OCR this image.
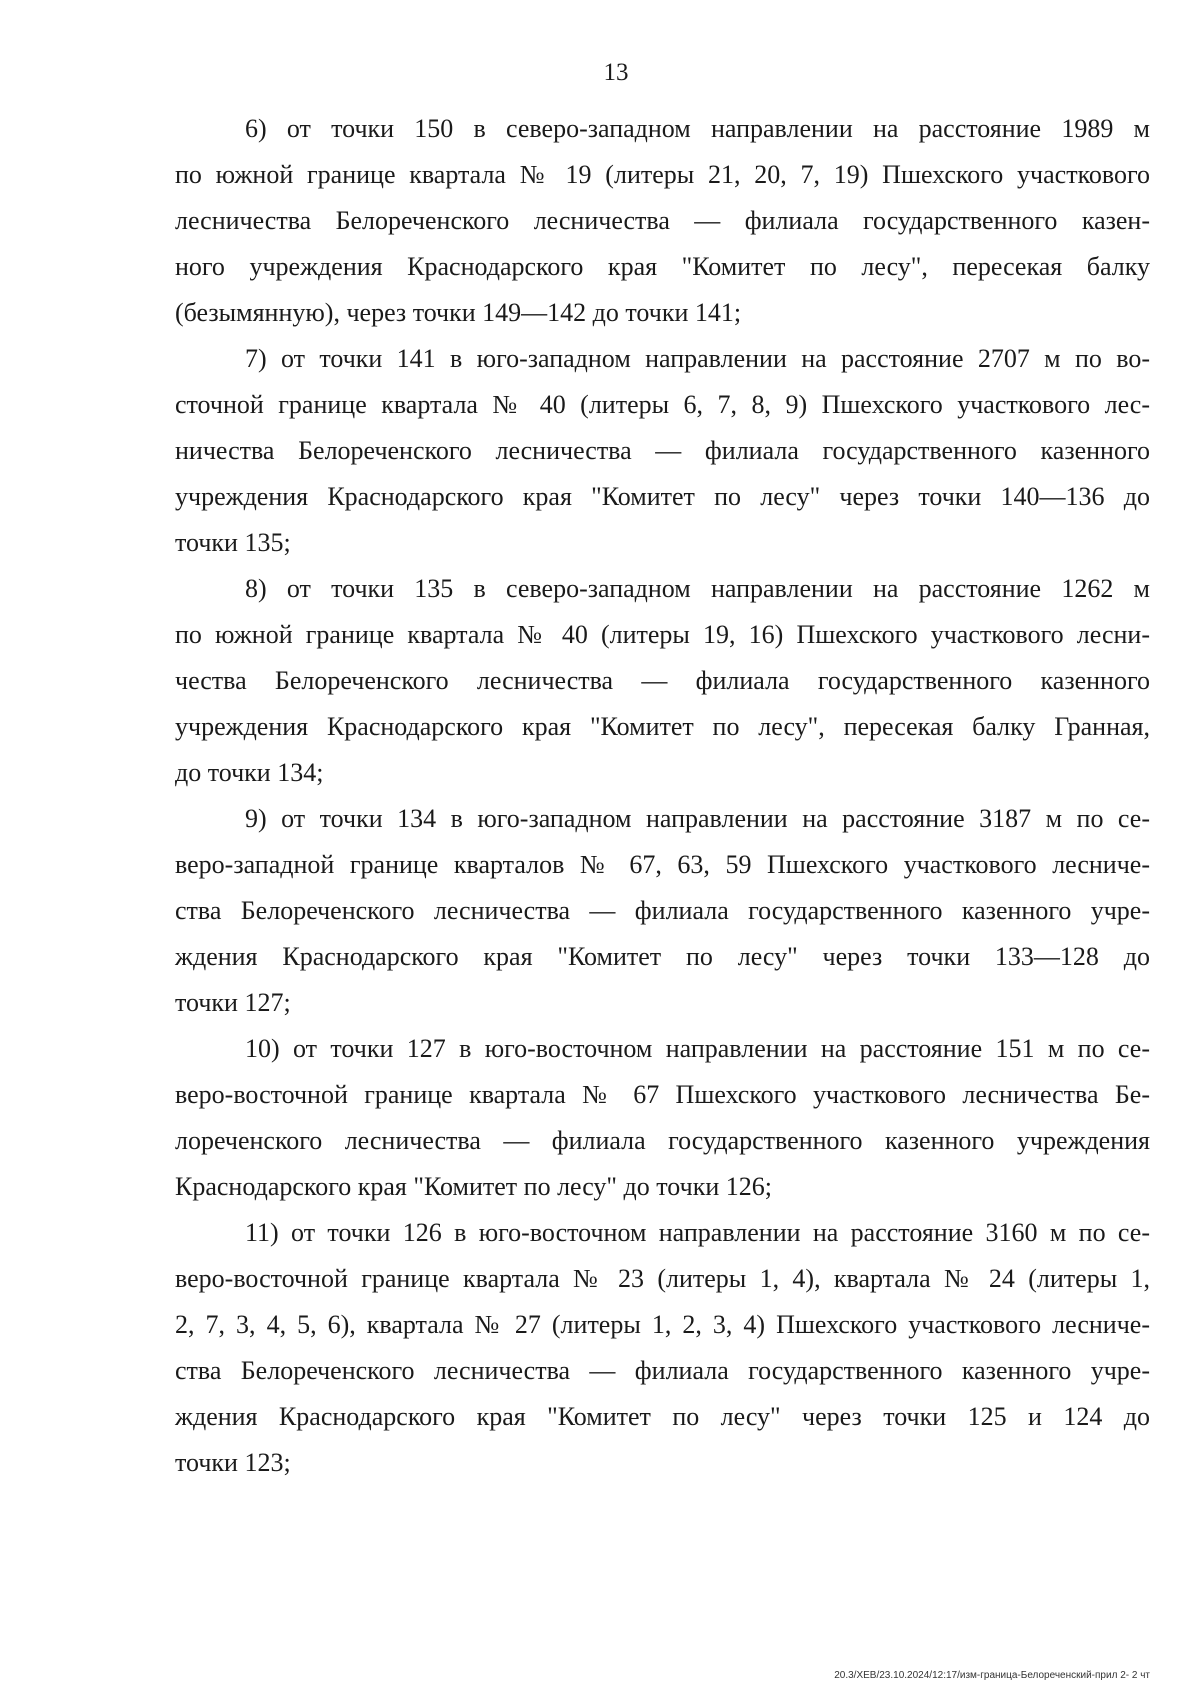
13
6) от точки 150 в северо-западном направлении на расстояние 1989 м
по южной границе квартала № 19 (литеры 21, 20, 7, 19) Пшехского участкового
лесничества Белореченского лесничества — филиала государственного казен-
ного учреждения Краснодарского края "Комитет по лесу", пересекая балку
(безымянную), через точки 149—142 до точки 141;
7) от точки 141 в юго-западном направлении на расстояние 2707 м по во-
сточной границе квартала № 40 (литеры 6, 7, 8, 9) Пшехского участкового лес-
ничества Белореченского лесничества — филиала государственного казенного
учреждения Краснодарского края "Комитет по лесу" через точки 140—136 до
точки 135;
8) от точки 135 в северо-западном направлении на расстояние 1262 м
по южной границе квартала № 40 (литеры 19, 16) Пшехского участкового лесни-
чества Белореченского лесничества — филиала государственного казенного
учреждения Краснодарского края "Комитет по лесу", пересекая балку Гранная,
до точки 134;
9) от точки 134 в юго-западном направлении на расстояние 3187 м по се-
веро-западной границе кварталов № 67, 63, 59 Пшехского участкового лесниче-
ства Белореченского лесничества — филиала государственного казенного учре-
ждения Краснодарского края "Комитет по лесу" через точки 133—128 до
точки 127;
10) от точки 127 в юго-восточном направлении на расстояние 151 м по се-
веро-восточной границе квартала № 67 Пшехского участкового лесничества Бе-
лореченского лесничества — филиала государственного казенного учреждения
Краснодарского края "Комитет по лесу" до точки 126;
11) от точки 126 в юго-восточном направлении на расстояние 3160 м по се-
веро-восточной границе квартала № 23 (литеры 1, 4), квартала № 24 (литеры 1,
2, 7, 3, 4, 5, 6), квартала № 27 (литеры 1, 2, 3, 4) Пшехского участкового лесниче-
ства Белореченского лесничества — филиала государственного казенного учре-
ждения Краснодарского края "Комитет по лесу" через точки 125 и 124 до
точки 123;
20.3/ХЕВ/23.10.2024/12:17/изм-граница-Белореченский-прил 2- 2 чт
